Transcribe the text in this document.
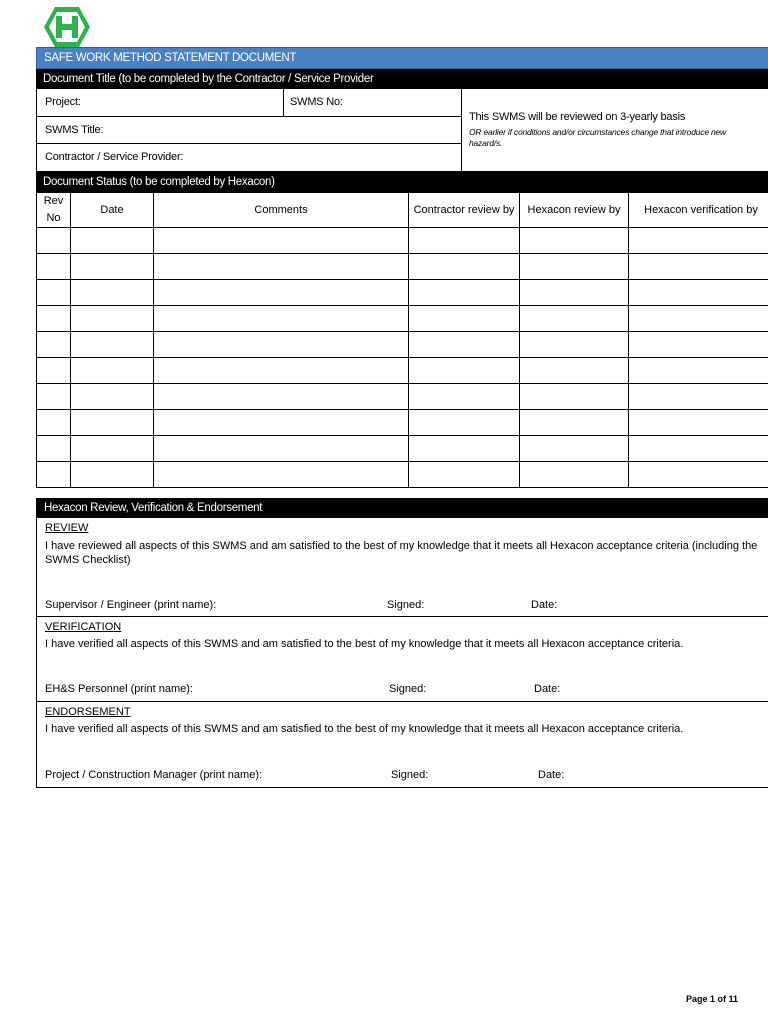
SAFE WORK METHOD STATEMENT DOCUMENT
Document Title (to be completed by the Contractor / Service Provider
Project:	SWMS No:
SWMS Title:
Contractor / Service Provider:
This SWMS will be reviewed on 3-yearly basis
OR earlier if conditions and/or circumstances change that introduce new hazard/s.
Document Status (to be completed by Hexacon)
Rev No	Date	Comments	Contractor review by	Hexacon review by	Hexacon verification by

Hexacon Review, Verification & Endorsement
REVIEW
I have reviewed all aspects of this SWMS and am satisfied to the best of my knowledge that it meets all Hexacon acceptance criteria (including the SWMS Checklist)
Supervisor / Engineer (print name):	Signed:	Date:
VERIFICATION
I have verified all aspects of this SWMS and am satisfied to the best of my knowledge that it meets all Hexacon acceptance criteria.
EH&S Personnel (print name):	Signed:	Date:
ENDORSEMENT
I have verified all aspects of this SWMS and am satisfied to the best of my knowledge that it meets all Hexacon acceptance criteria.
Project / Construction Manager (print name):	Signed:	Date:
Page 1 of 11
